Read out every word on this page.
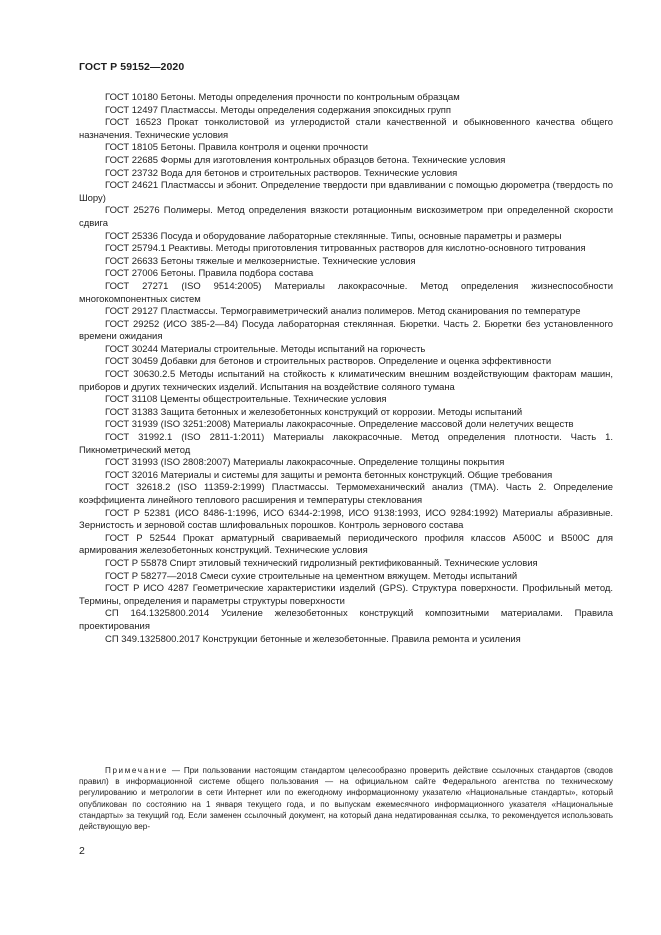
ГОСТ Р 59152—2020
ГОСТ 10180 Бетоны. Методы определения прочности по контрольным образцам
ГОСТ 12497 Пластмассы. Методы определения содержания эпоксидных групп
ГОСТ 16523 Прокат тонколистовой из углеродистой стали качественной и обыкновенного качества общего назначения. Технические условия
ГОСТ 18105 Бетоны. Правила контроля и оценки прочности
ГОСТ 22685 Формы для изготовления контрольных образцов бетона. Технические условия
ГОСТ 23732 Вода для бетонов и строительных растворов. Технические условия
ГОСТ 24621 Пластмассы и эбонит. Определение твердости при вдавливании с помощью дюрометра (твердость по Шору)
ГОСТ 25276 Полимеры. Метод определения вязкости ротационным вискозиметром при определенной скорости сдвига
ГОСТ 25336 Посуда и оборудование лабораторные стеклянные. Типы, основные параметры и размеры
ГОСТ 25794.1 Реактивы. Методы приготовления титрованных растворов для кислотно-основного титрования
ГОСТ 26633 Бетоны тяжелые и мелкозернистые. Технические условия
ГОСТ 27006 Бетоны. Правила подбора состава
ГОСТ 27271 (ISO 9514:2005) Материалы лакокрасочные. Метод определения жизнеспособности многокомпонентных систем
ГОСТ 29127 Пластмассы. Термогравиметрический анализ полимеров. Метод сканирования по температуре
ГОСТ 29252 (ИСО 385-2—84) Посуда лабораторная стеклянная. Бюретки. Часть 2. Бюретки без установленного времени ожидания
ГОСТ 30244 Материалы строительные. Методы испытаний на горючесть
ГОСТ 30459 Добавки для бетонов и строительных растворов. Определение и оценка эффективности
ГОСТ 30630.2.5 Методы испытаний на стойкость к климатическим внешним воздействующим факторам машин, приборов и других технических изделий. Испытания на воздействие соляного тумана
ГОСТ 31108 Цементы общестроительные. Технические условия
ГОСТ 31383 Защита бетонных и железобетонных конструкций от коррозии. Методы испытаний
ГОСТ 31939 (ISO 3251:2008) Материалы лакокрасочные. Определение массовой доли нелетучих веществ
ГОСТ 31992.1 (ISO 2811-1:2011) Материалы лакокрасочные. Метод определения плотности. Часть 1. Пикнометрический метод
ГОСТ 31993 (ISO 2808:2007) Материалы лакокрасочные. Определение толщины покрытия
ГОСТ 32016 Материалы и системы для защиты и ремонта бетонных конструкций. Общие требования
ГОСТ 32618.2 (ISO 11359-2:1999) Пластмассы. Термомеханический анализ (ТМА). Часть 2. Определение коэффициента линейного теплового расширения и температуры стеклования
ГОСТ Р 52381 (ИСО 8486-1:1996, ИСО 6344-2:1998, ИСО 9138:1993, ИСО 9284:1992) Материалы абразивные. Зернистость и зерновой состав шлифовальных порошков. Контроль зернового состава
ГОСТ Р 52544 Прокат арматурный свариваемый периодического профиля классов А500С и В500С для армирования железобетонных конструкций. Технические условия
ГОСТ Р 55878 Спирт этиловый технический гидролизный ректификованный. Технические условия
ГОСТ Р 58277—2018 Смеси сухие строительные на цементном вяжущем. Методы испытаний
ГОСТ Р ИСО 4287 Геометрические характеристики изделий (GPS). Структура поверхности. Профильный метод. Термины, определения и параметры структуры поверхности
СП 164.1325800.2014 Усиление железобетонных конструкций композитными материалами. Правила проектирования
СП 349.1325800.2017 Конструкции бетонные и железобетонные. Правила ремонта и усиления
Примечание — При пользовании настоящим стандартом целесообразно проверить действие ссылочных стандартов (сводов правил) в информационной системе общего пользования — на официальном сайте Федерального агентства по техническому регулированию и метрологии в сети Интернет или по ежегодному информационному указателю «Национальные стандарты», который опубликован по состоянию на 1 января текущего года, и по выпускам ежемесячного информационного указателя «Национальные стандарты» за текущий год. Если заменен ссылочный документ, на который дана недатированная ссылка, то рекомендуется использовать действующую вер-
2
